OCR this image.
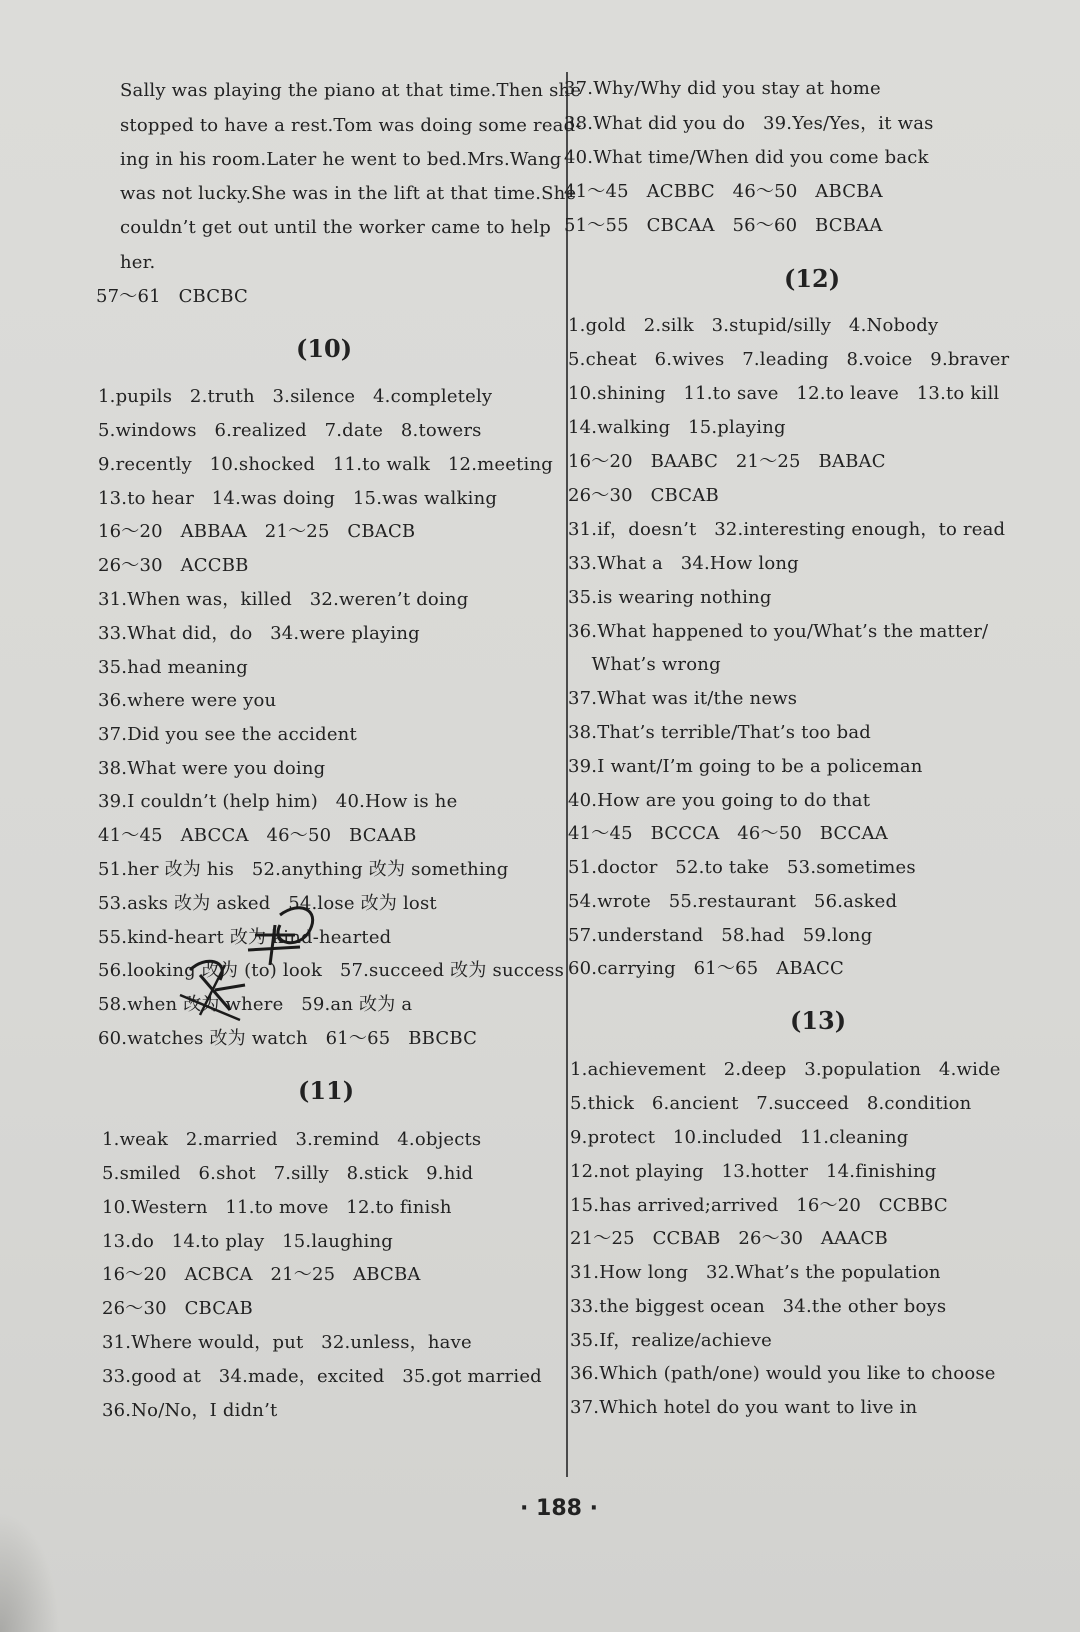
Sally was playing the piano at that time.Then she
stopped to have a rest.Tom was doing some read-
ing in his room.Later he went to bed.Mrs.Wang
was not lucky.She was in the lift at that time.She
couldn’t get out until the worker came to help
her.
57～61   CBCBC
(10)
1.pupils   2.truth   3.silence   4.completely
5.windows   6.realized   7.date   8.towers
9.recently   10.shocked   11.to walk   12.meeting
13.to hear   14.was doing   15.was walking
16～20   ABBAA   21～25   CBACB
26～30   ACCBB
31.When was，killed   32.weren’t doing
33.What did，do   34.were playing
35.had meaning
36.where were you
37.Did you see the accident
38.What were you doing
39.I couldn’t (help him)   40.How is he
41～45   ABCCA   46～50   BCAAB
51.her 改为 his   52.anything 改为 something
53.asks 改为 asked   54.lose 改为 lost
55.kind-heart 改为 kind-hearted
56.looking 改为 (to) look   57.succeed 改为 success
58.when 改为 where   59.an 改为 a
60.watches 改为 watch   61～65   BBCBC
(11)
1.weak   2.married   3.remind   4.objects
5.smiled   6.shot   7.silly   8.stick   9.hid
10.Western   11.to move   12.to finish
13.do   14.to play   15.laughing
16～20   ACBCA   21～25   ABCBA
26～30   CBCAB
31.Where would，put   32.unless，have
33.good at   34.made，excited   35.got married
36.No/No，I didn’t
37.Why/Why did you stay at home
38.What did you do   39.Yes/Yes，it was
40.What time/When did you come back
41～45   ACBBC   46～50   ABCBA
51～55   CBCAA   56～60   BCBAA
(12)
1.gold   2.silk   3.stupid/silly   4.Nobody
5.cheat   6.wives   7.leading   8.voice   9.braver
10.shining   11.to save   12.to leave   13.to kill
14.walking   15.playing
16～20   BAABC   21～25   BABAC
26～30   CBCAB
31.if，doesn’t   32.interesting enough，to read
33.What a   34.How long
35.is wearing nothing
36.What happened to you/What’s the matter/
What’s wrong
37.What was it/the news
38.That’s terrible/That’s too bad
39.I want/I’m going to be a policeman
40.How are you going to do that
41～45   BCCCA   46～50   BCCAA
51.doctor   52.to take   53.sometimes
54.wrote   55.restaurant   56.asked
57.understand   58.had   59.long
60.carrying   61～65   ABACC
(13)
1.achievement   2.deep   3.population   4.wide
5.thick   6.ancient   7.succeed   8.condition
9.protect   10.included   11.cleaning
12.not playing   13.hotter   14.finishing
15.has arrived;arrived   16～20   CCBBC
21～25   CCBAB   26～30   AAACB
31.How long   32.What’s the population
33.the biggest ocean   34.the other boys
35.If，realize/achieve
36.Which (path/one) would you like to choose
37.Which hotel do you want to live in
· 188 ·
